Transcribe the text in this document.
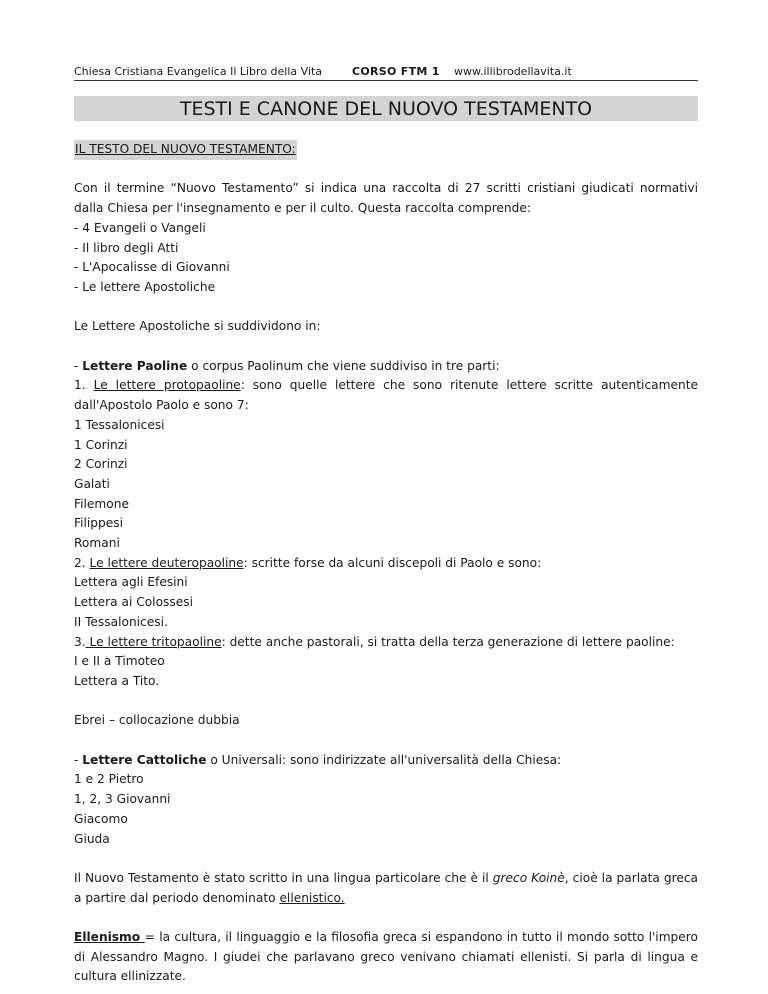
Chiesa Cristiana Evangelica Il Libro della Vita	CORSO FTM 1 www.illibrodellavita.it
TESTI E CANONE DEL NUOVO TESTAMENTO

IL TESTO DEL NUOVO TESTAMENTO:

Con il termine “Nuovo Testamento” si indica una raccolta di 27 scritti cristiani giudicati normativi dalla Chiesa per l'insegnamento e per il culto. Questa raccolta comprende:

- 4 Evangeli o Vangeli

- Il libro degli Atti

- L'Apocalisse di Giovanni

- Le lettere Apostoliche

Le Lettere Apostoliche si suddividono in:

- Lettere Paoline o corpus Paolinum che viene suddiviso in tre parti:

1. Le lettere protopaoline: sono quelle lettere che sono ritenute lettere scritte autenticamente dall'Apostolo Paolo e sono 7:

1 Tessalonicesi

1 Corinzi

2 Corinzi

Galati

Filemone

Filippesi

Romani

2. Le lettere deuteropaoline: scritte forse da alcuni discepoli di Paolo e sono:

Lettera agli Efesini

Lettera ai Colossesi

II Tessalonicesi.

3. Le lettere tritopaoline: dette anche pastorali, si tratta della terza generazione di lettere paoline:

I e II a Timoteo

Lettera a Tito.

Ebrei – collocazione dubbia

- Lettere Cattoliche o Universali: sono indirizzate all'universalità della Chiesa:

1 e 2 Pietro

1, 2, 3 Giovanni

Giacomo

Giuda

Il Nuovo Testamento è stato scritto in una lingua particolare che è il greco Koinè, cioè la parlata greca a partire dal periodo denominato ellenistico.

Ellenismo = la cultura, il linguaggio e la filosofia greca si espandono in tutto il mondo sotto l'impero di Alessandro Magno. I giudei che parlavano greco venivano chiamati ellenisti. Si parla di lingua e cultura ellinizzate.
